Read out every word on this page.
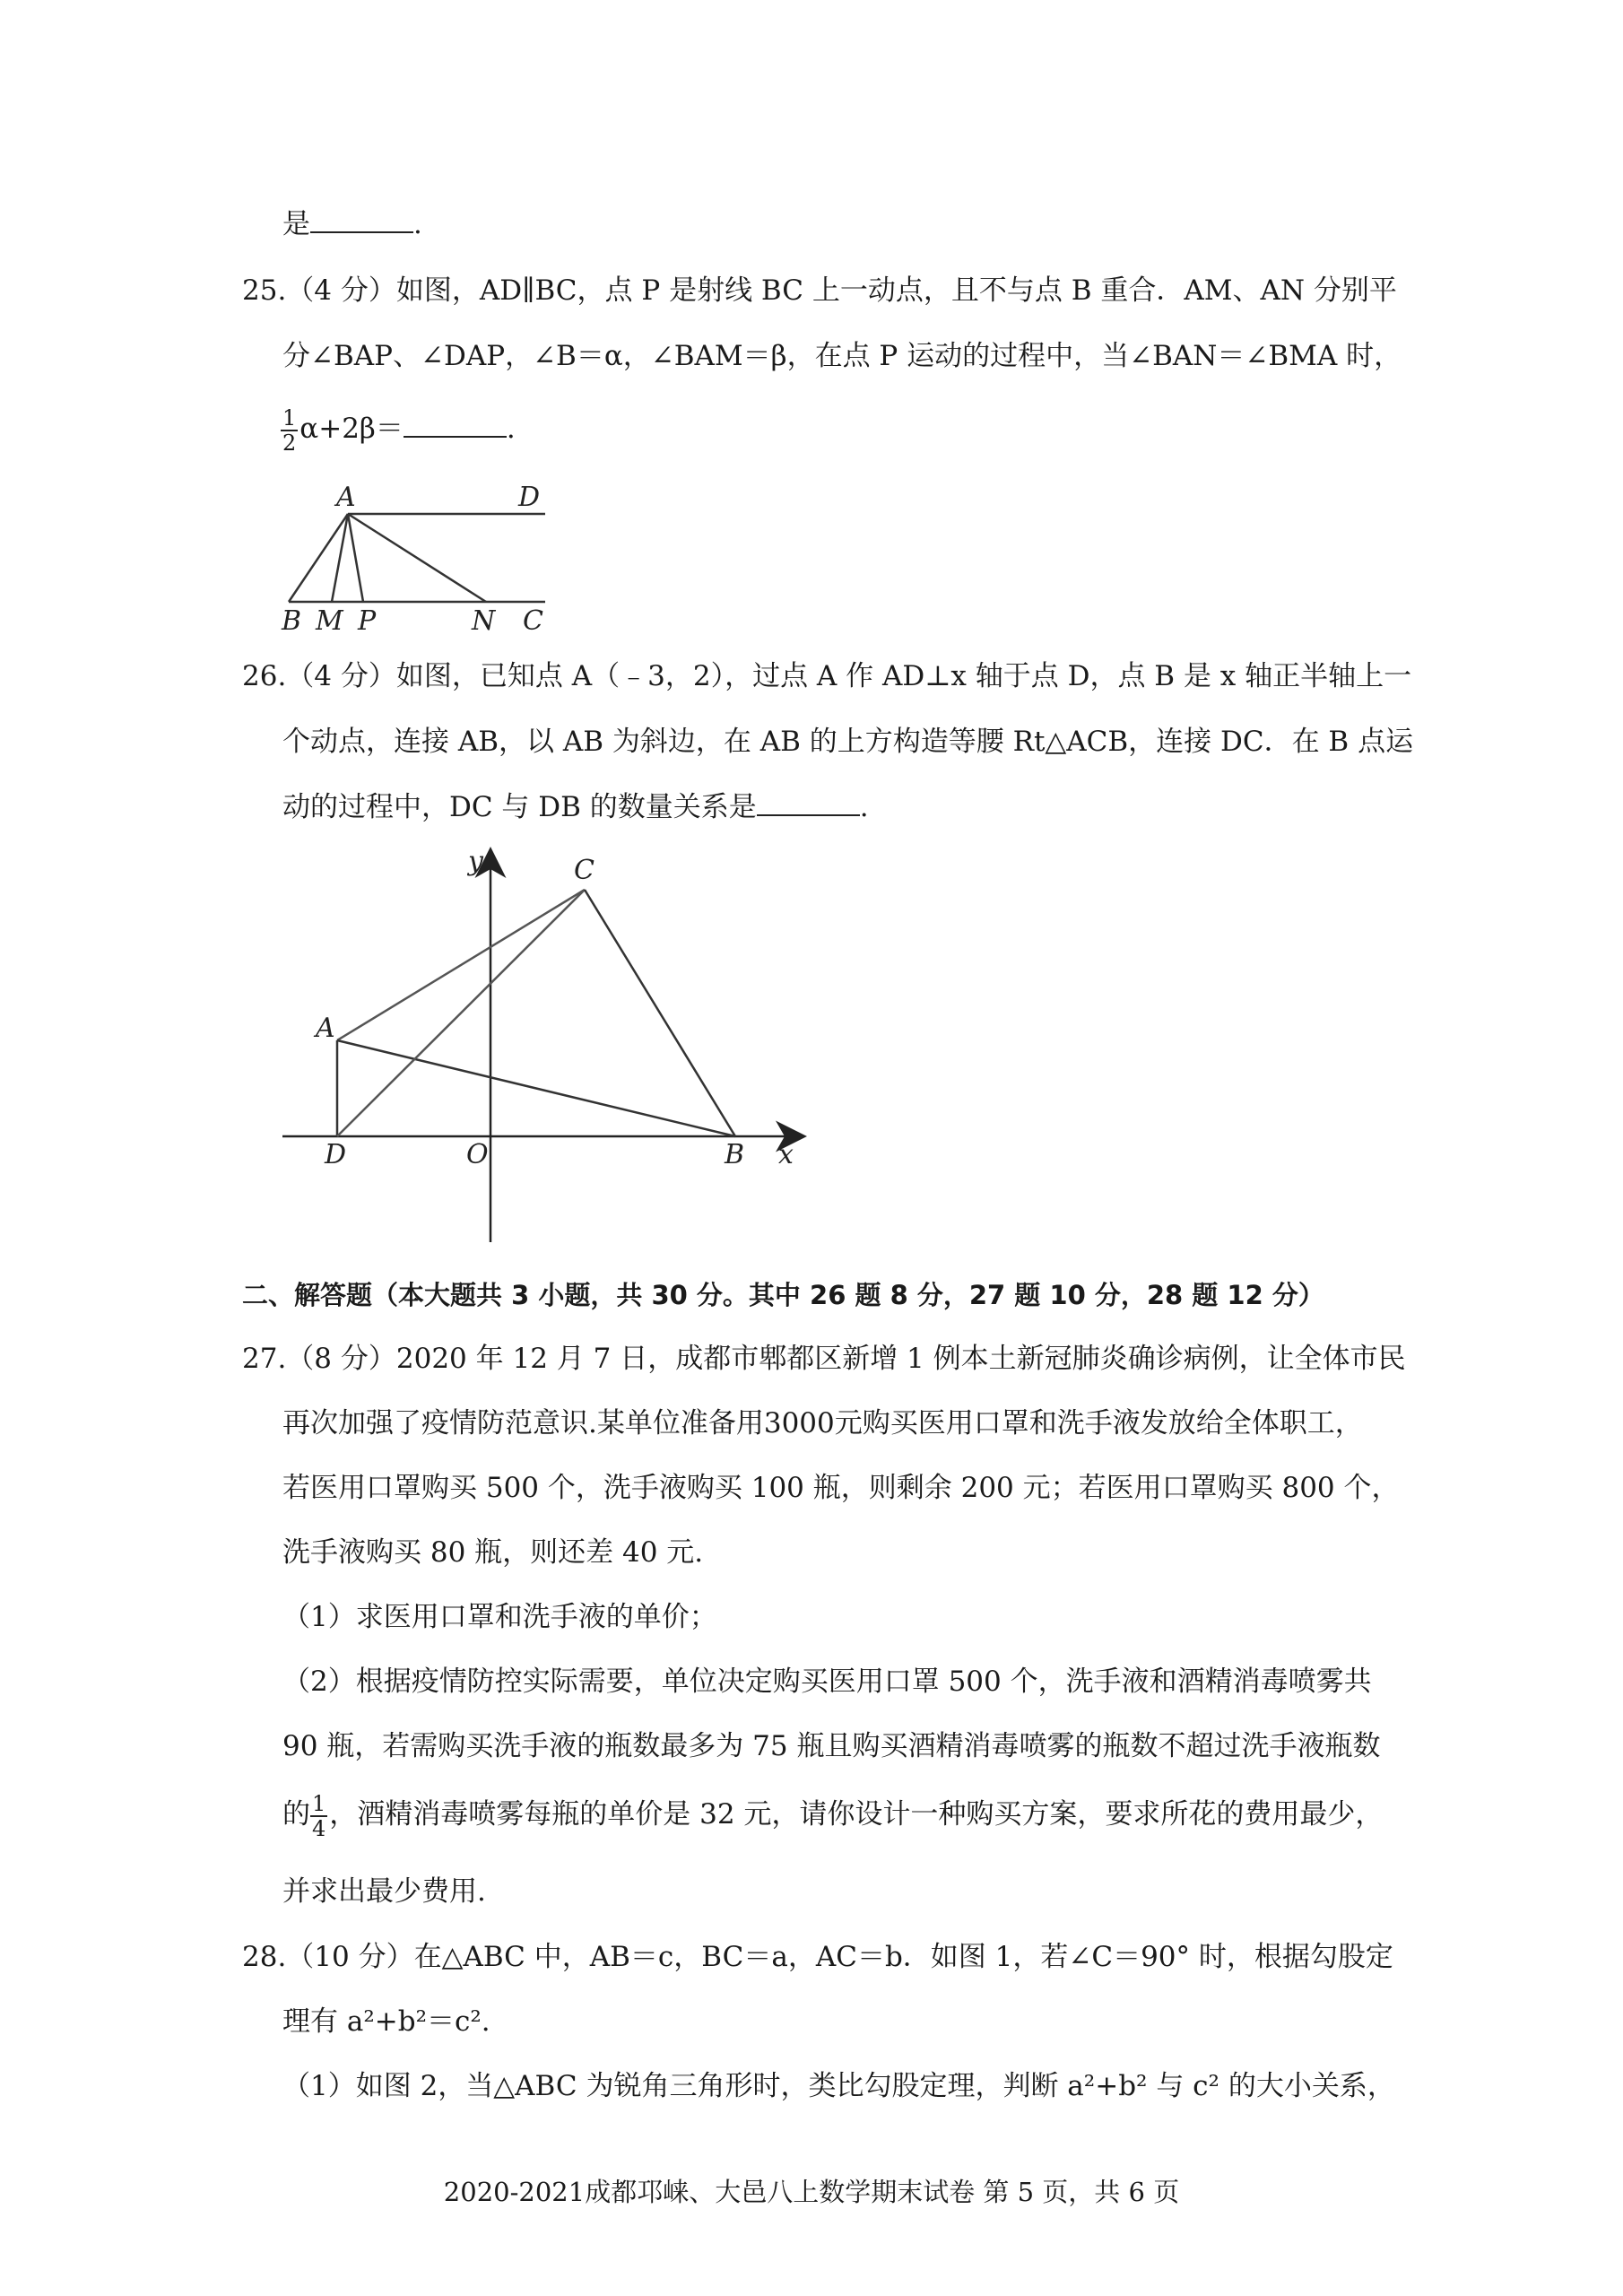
是	.
25.（4 分）如图，AD∥BC，点 P 是射线 BC 上一动点，且不与点 B 重合．AM、AN 分别平
分∠BAP、∠DAP，∠B＝α，∠BAM＝β，在点 P 运动的过程中，当∠BAN＝∠BMA 时，
$\frac{1}{2} \alpha+2\beta=$	.
A	D
B M P	N C
26.（4 分）如图，已知点 A（﹣3，2），过点 A 作 AD⊥x 轴于点 D，点 B 是 x 轴正半轴上一
个动点，连接 AB，以 AB 为斜边，在 AB 的上方构造等腰 Rt△ACB，连接 DC．在 B 点运
动的过程中，DC 与 DB 的数量关系是	.
y	C
A
D	O	B x
二、解答题（本大题共 3 小题，共 30 分。其中 26 题 8 分，27 题 10 分，28 题 12 分）
27.（8 分）2020 年 12 月 7 日，成都市郫都区新增 1 例本土新冠肺炎确诊病例，让全体市民
再次加强了疫情防范意识.某单位准备用3000元购买医用口罩和洗手液发放给全体职工，
若医用口罩购买 500 个，洗手液购买 100 瓶，则剩余 200 元；若医用口罩购买 800 个，
洗手液购买 80 瓶，则还差 40 元.
（1）求医用口罩和洗手液的单价；
（2）根据疫情防控实际需要，单位决定购买医用口罩 500 个，洗手液和酒精消毒喷雾共
90 瓶，若需购买洗手液的瓶数最多为 75 瓶且购买酒精消毒喷雾的瓶数不超过洗手液瓶数
的 $\frac{1}{4}$ ，酒精消毒喷雾每瓶的单价是 32 元，请你设计一种购买方案，要求所花的费用最少，
并求出最少费用.
28.（10 分）在△ABC 中，AB＝c，BC＝a，AC＝b．如图 1，若∠C＝90° 时，根据勾股定
理有 a²+b²＝c².
（1）如图 2，当△ABC 为锐角三角形时，类比勾股定理，判断 a²+b² 与 c² 的大小关系，
2020-2021成都邛崃、大邑八上数学期末试卷 第 5 页，共 6 页
